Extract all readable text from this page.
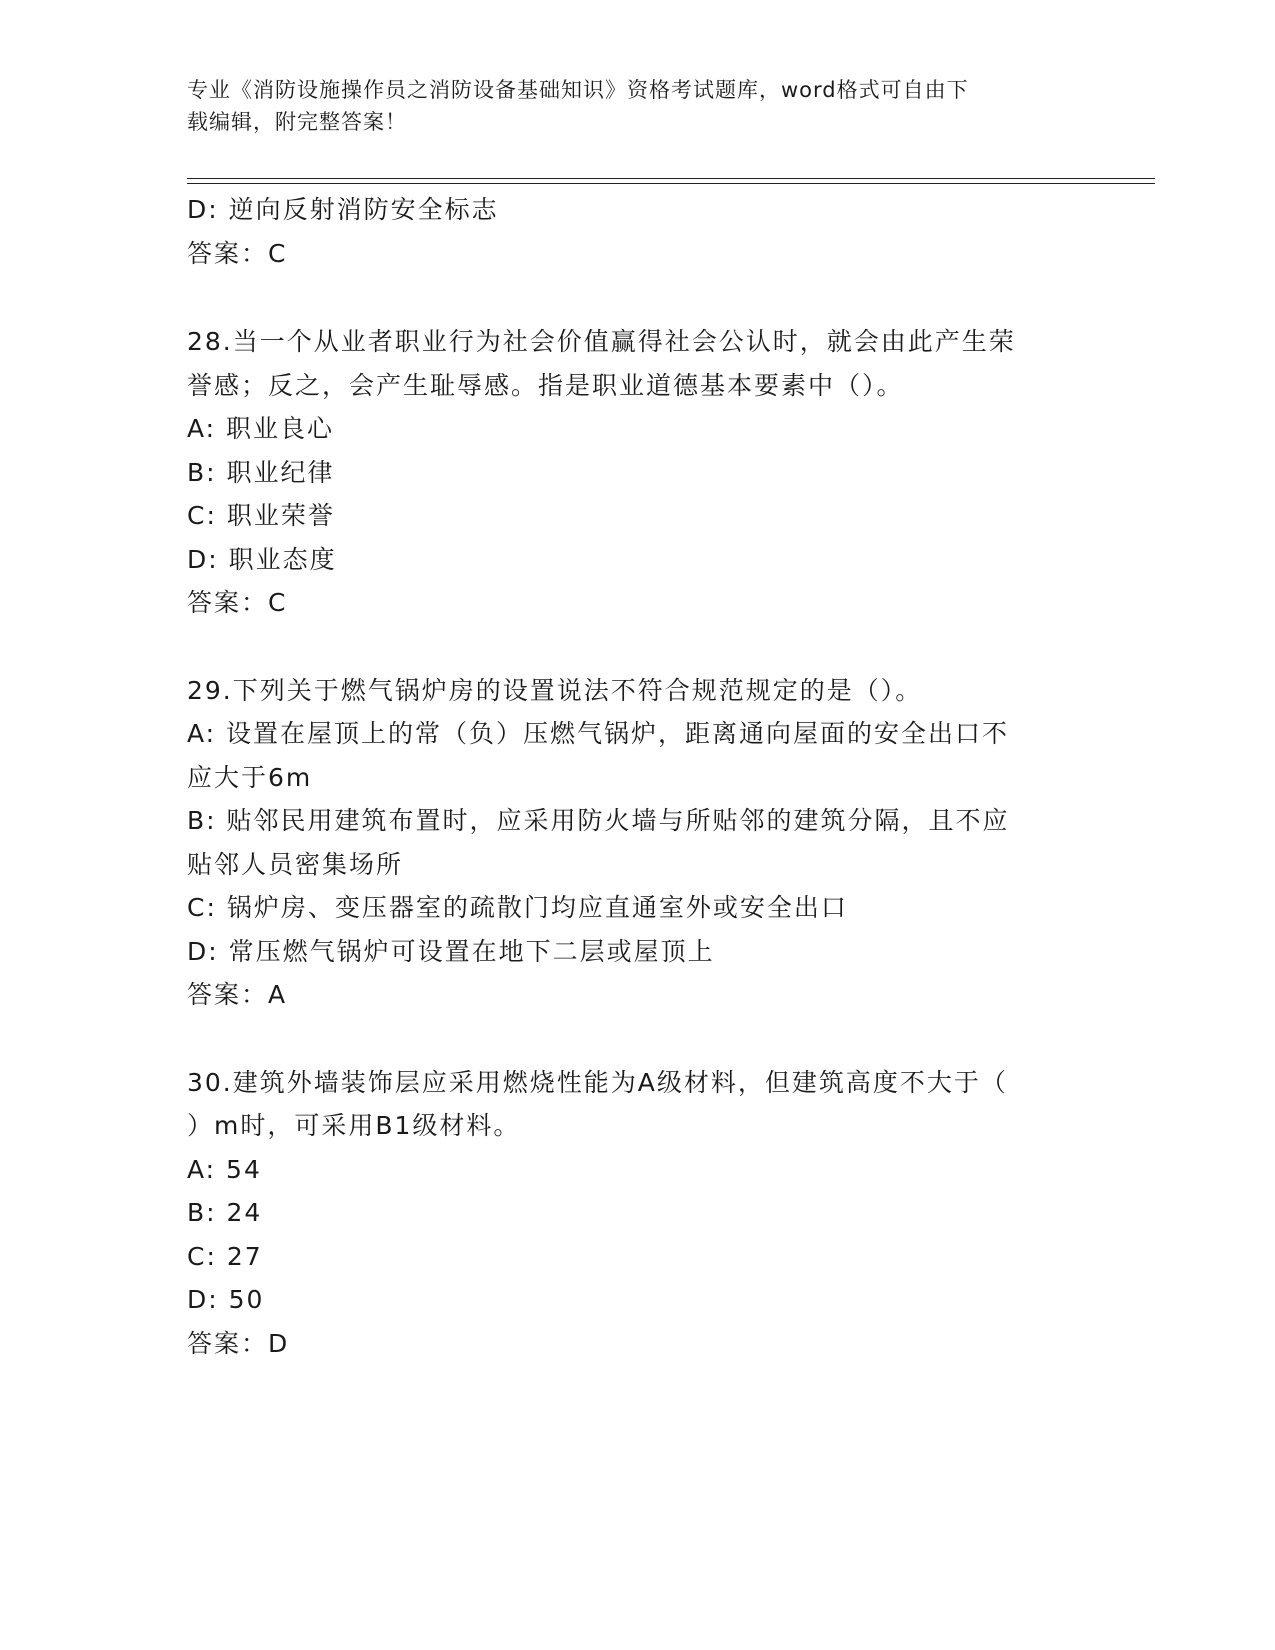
专业《消防设施操作员之消防设备基础知识》资格考试题库，word格式可自由下
载编辑，附完整答案！
D: 逆向反射消防安全标志
答案：C
28.当一个从业者职业行为社会价值赢得社会公认时，就会由此产生荣
誉感；反之，会产生耻辱感。指是职业道德基本要素中（）。
A: 职业良心
B: 职业纪律
C: 职业荣誉
D: 职业态度
答案：C
29.下列关于燃气锅炉房的设置说法不符合规范规定的是（）。
A: 设置在屋顶上的常（负）压燃气锅炉，距离通向屋面的安全出口不
应大于6m
B: 贴邻民用建筑布置时，应采用防火墙与所贴邻的建筑分隔，且不应
贴邻人员密集场所
C: 锅炉房、变压器室的疏散门均应直通室外或安全出口
D: 常压燃气锅炉可设置在地下二层或屋顶上
答案：A
30.建筑外墙装饰层应采用燃烧性能为A级材料，但建筑高度不大于（
）m时，可采用B1级材料。
A: 54
B: 24
C: 27
D: 50
答案：D
